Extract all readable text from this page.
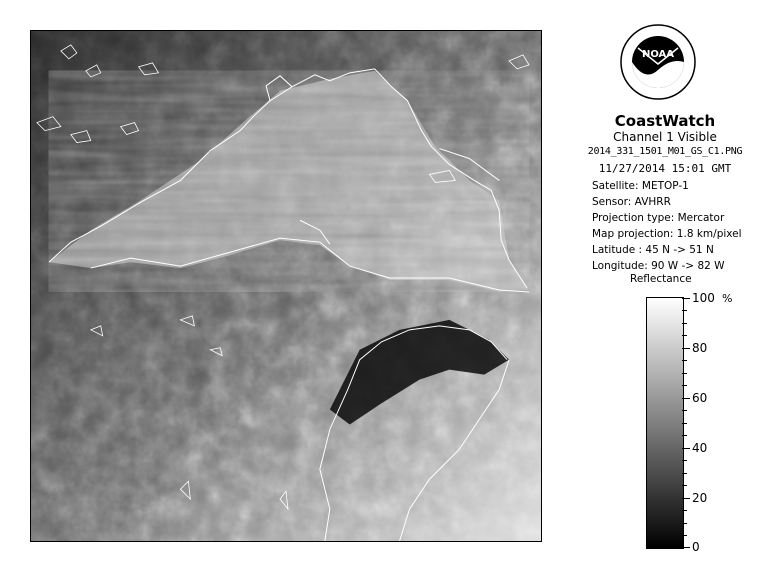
NOAA
CoastWatch
Channel 1 Visible
2014_331_1501_M01_GS_C1.PNG
11/27/2014 15:01 GMT
Satellite: METOP-1
Sensor: AVHRR
Projection type: Mercator
Map projection: 1.8 km/pixel
Latitude : 45 N -> 51 N
Longitude: 90 W -> 82 W
Reflectance
%
100
80
60
40
20
0
